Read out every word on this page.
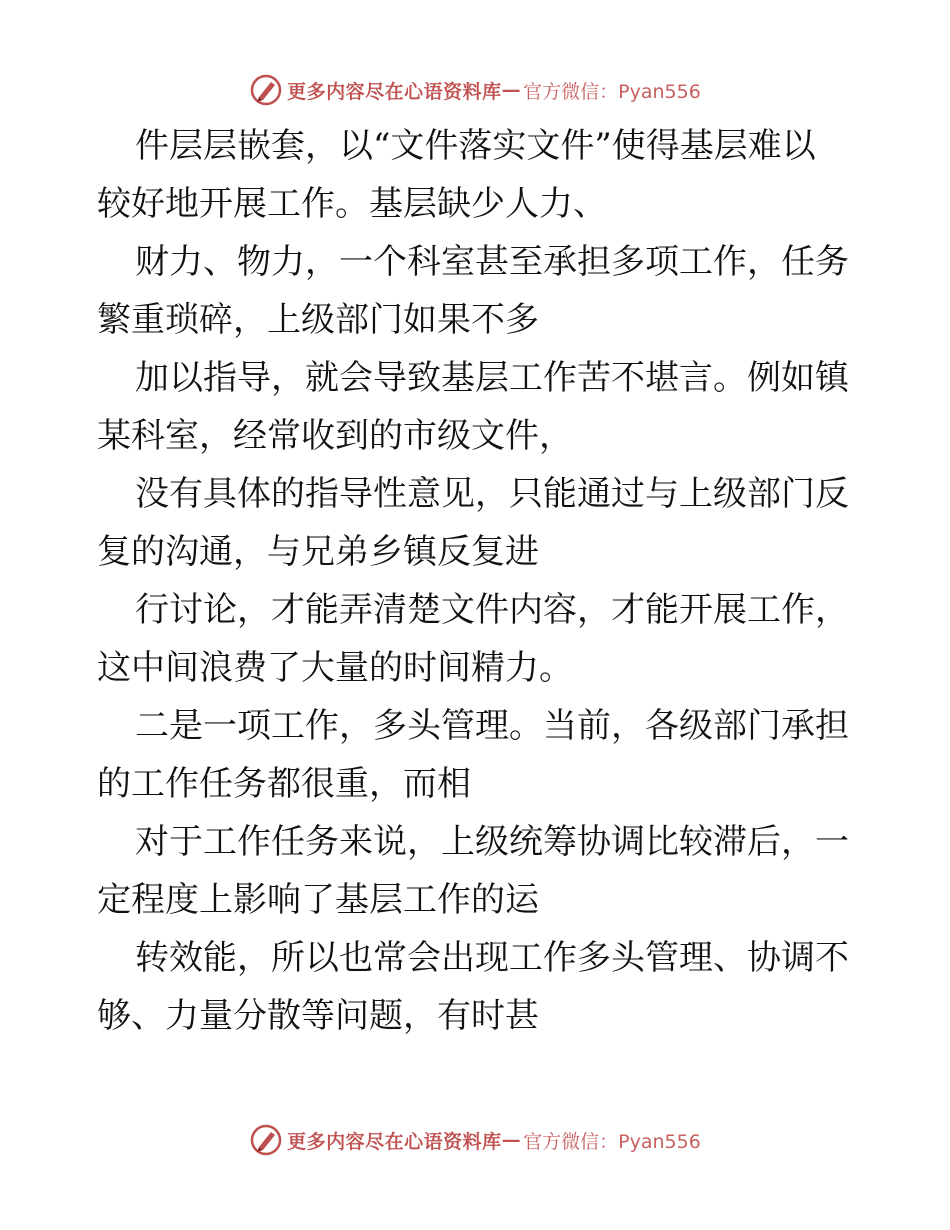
更多内容尽在心语资料库 — 官方微信：Pyan556

件层层嵌套，以“文件落实文件”使得基层难以
较好地开展工作。基层缺少人力、

财力、物力，一个科室甚至承担多项工作，任务
繁重琐碎，上级部门如果不多

加以指导，就会导致基层工作苦不堪言。例如镇
某科室，经常收到的市级文件，

没有具体的指导性意见，只能通过与上级部门反
复的沟通，与兄弟乡镇反复进

行讨论，才能弄清楚文件内容，才能开展工作，
这中间浪费了大量的时间精力。

二是一项工作，多头管理。当前，各级部门承担
的工作任务都很重，而相

对于工作任务来说，上级统筹协调比较滞后，一
定程度上影响了基层工作的运

转效能，所以也常会出现工作多头管理、协调不
够、力量分散等问题，有时甚

更多内容尽在心语资料库 — 官方微信：Pyan556
